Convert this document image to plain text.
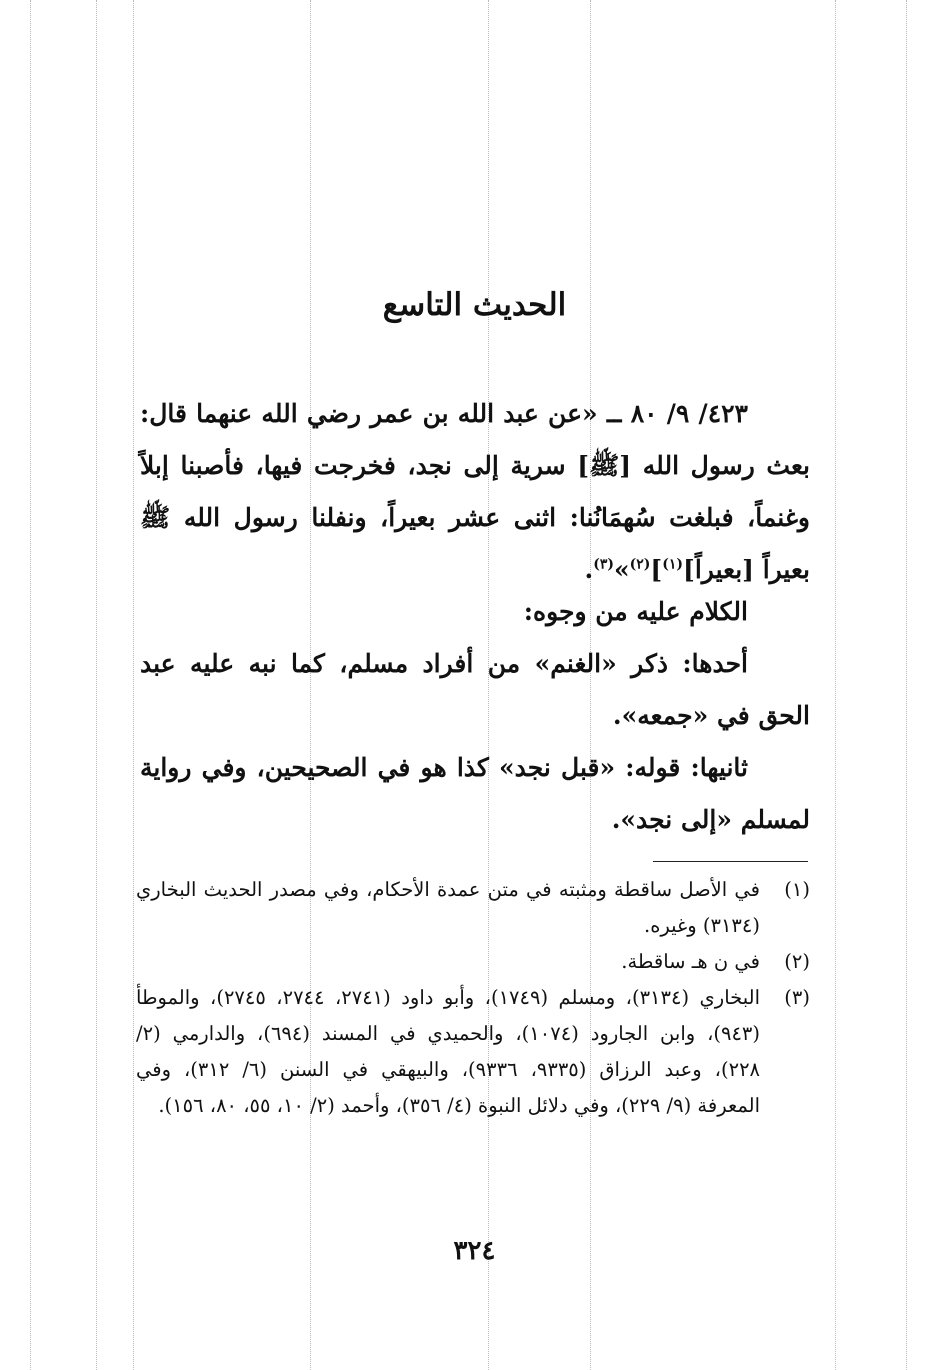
الحديث التاسع

٤٢٣/ ٩/ ٨٠ ــ «عن عبد الله بن عمر رضي الله عنهما قال: بعث رسول الله [ﷺ] سرية إلى نجد، فخرجت فيها، فأصبنا إبلاً وغنماً، فبلغت سُهمَانُنا: اثنى عشر بعيراً، ونفلنا رسول الله ﷺ بعيراً [بعيراً]$^{(١)}$]$^{(٢)}$»$^{(٣)}$.

الكلام عليه من وجوه:

أحدها: ذكر «الغنم» من أفراد مسلم، كما نبه عليه عبد الحق في «جمعه».

ثانيها: قوله: «قبل نجد» كذا هو في الصحيحين، وفي رواية لمسلم «إلى نجد».

(١)
في الأصل ساقطة ومثبته في متن عمدة الأحكام، وفي مصدر الحديث البخاري (٣١٣٤) وغيره.
(٢)
في ن هـ ساقطة.
(٣)
البخاري (٣١٣٤)، ومسلم (١٧٤٩)، وأبو داود (٢٧٤١، ٢٧٤٤، ٢٧٤٥)، والموطأ (٩٤٣)، وابن الجارود (١٠٧٤)، والحميدي في المسند (٦٩٤)، والدارمي (٢/ ٢٢٨)، وعبد الرزاق (٩٣٣٥، ٩٣٣٦)، والبيهقي في السنن (٦/ ٣١٢)، وفي المعرفة (٩/ ٢٢٩)، وفي دلائل النبوة (٤/ ٣٥٦)، وأحمد (٢/ ١٠، ٥٥، ٨٠، ١٥٦).
٣٢٤
